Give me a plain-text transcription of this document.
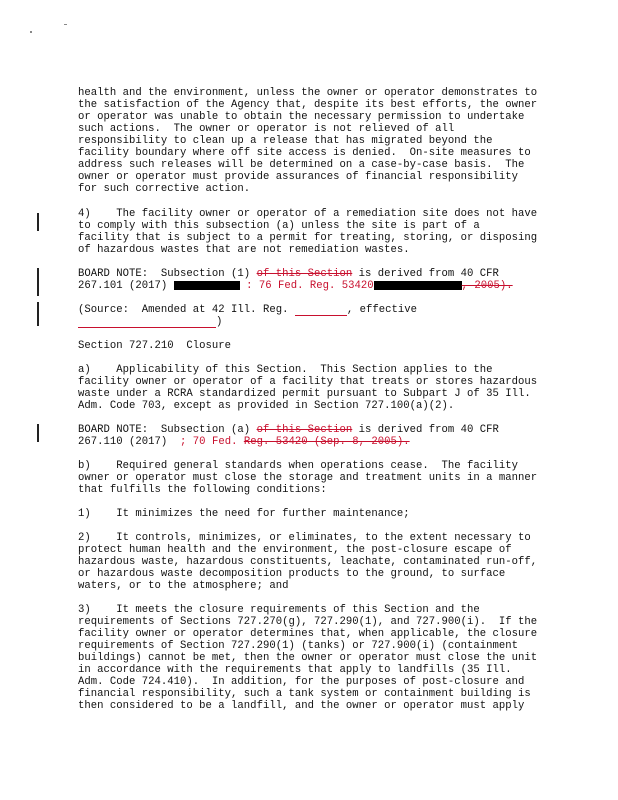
health and the environment, unless the owner or operator demonstrates to
the satisfaction of the Agency that, despite its best efforts, the owner
or operator was unable to obtain the necessary permission to undertake
such actions.  The owner or operator is not relieved of all
responsibility to clean up a release that has migrated beyond the
facility boundary where off site access is denied.  On-site measures to
address such releases will be determined on a case-by-case basis.  The
owner or operator must provide assurances of financial responsibility
for such corrective action.
4)    The facility owner or operator of a remediation site does not have
to comply with this subsection (a) unless the site is part of a
facility that is subject to a permit for treating, storing, or disposing
of hazardous wastes that are not remediation wastes.
BOARD NOTE:  Subsection (1) of this Section is derived from 40 CFR
267.101 (2017)	: 76 Fed. Reg. 53420	, 2005).
(Source:  Amended at 42 Ill. Reg.	, effective
)
Section 727.210  Closure
a)    Applicability of this Section.  This Section applies to the
facility owner or operator of a facility that treats or stores hazardous
waste under a RCRA standardized permit pursuant to Subpart J of 35 Ill.
Adm. Code 703, except as provided in Section 727.100(a)(2).
BOARD NOTE:  Subsection (a) of this Section is derived from 40 CFR
267.110 (2017)  ; 70 Fed. Reg. 53420 (Sep. 8, 2005).
b)    Required general standards when operations cease.  The facility
owner or operator must close the storage and treatment units in a manner
that fulfills the following conditions:
1)    It minimizes the need for further maintenance;
2)    It controls, minimizes, or eliminates, to the extent necessary to
protect human health and the environment, the post-closure escape of
hazardous waste, hazardous constituents, leachate, contaminated run-off,
or hazardous waste decomposition products to the ground, to surface
waters, or to the atmosphere; and
3)    It meets the closure requirements of this Section and the
requirements of Sections 727.270(g), 727.290(1), and 727.900(i).  If the
facility owner or operator determines that, when applicable, the closure
requirements of Section 727.290(1) (tanks) or 727.900(i) (containment
buildings) cannot be met, then the owner or operator must close the unit
in accordance with the requirements that apply to landfills (35 Ill.
Adm. Code 724.410).  In addition, for the purposes of post-closure and
financial responsibility, such a tank system or containment building is
then considered to be a landfill, and the owner or operator must apply
